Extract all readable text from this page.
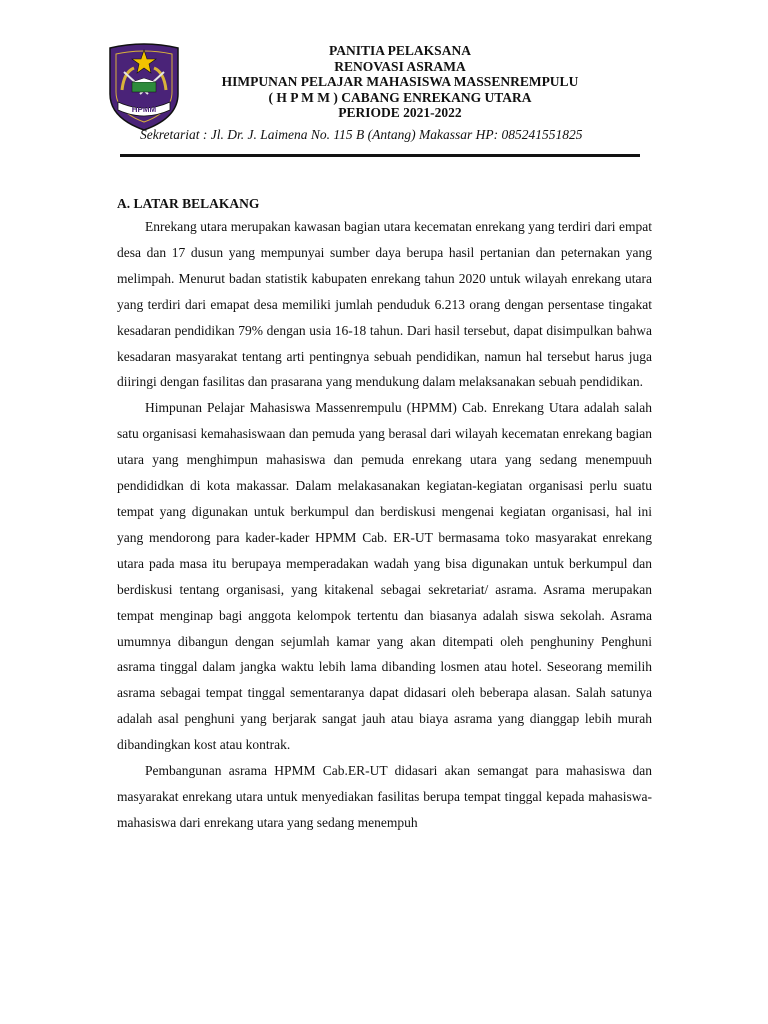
HPMM
PANITIA PELAKSANA
RENOVASI ASRAMA
HIMPUNAN PELAJAR MAHASISWA MASSENREMPULU
( H P M M ) CABANG ENREKANG UTARA
PERIODE 2021-2022
Sekretariat : Jl. Dr. J. Laimena No. 115 B (Antang) Makassar HP: 085241551825
A. LATAR BELAKANG

Enrekang utara merupakan kawasan bagian utara kecematan enrekang yang terdiri dari empat desa dan 17 dusun yang mempunyai sumber daya berupa hasil pertanian dan peternakan yang melimpah. Menurut badan statistik kabupaten enrekang tahun 2020 untuk wilayah enrekang utara yang terdiri dari emapat desa memiliki jumlah penduduk 6.213 orang dengan persentase tingakat kesadaran pendidikan 79% dengan usia 16-18 tahun. Dari hasil tersebut, dapat disimpulkan bahwa kesadaran masyarakat tentang arti pentingnya sebuah pendidikan, namun hal tersebut harus juga diiringi dengan fasilitas dan prasarana yang mendukung dalam melaksanakan sebuah pendidikan.

Himpunan Pelajar Mahasiswa Massenrempulu (HPMM) Cab. Enrekang Utara adalah salah satu organisasi kemahasiswaan dan pemuda yang berasal dari wilayah kecematan enrekang bagian utara yang menghimpun mahasiswa dan pemuda enrekang utara yang sedang menempuuh pendididkan di kota makassar. Dalam melakasanakan kegiatan-kegiatan organisasi perlu suatu tempat yang digunakan untuk berkumpul dan berdiskusi mengenai kegiatan organisasi, hal ini yang mendorong para kader-kader HPMM Cab. ER-UT bermasama toko masyarakat enrekang utara pada masa itu berupaya memperadakan wadah yang bisa digunakan untuk berkumpul dan berdiskusi tentang organisasi, yang kitakenal sebagai sekretariat/ asrama. Asrama merupakan tempat menginap bagi anggota kelompok tertentu dan biasanya adalah siswa sekolah. Asrama umumnya dibangun dengan sejumlah kamar yang akan ditempati oleh penghuniny Penghuni asrama tinggal dalam jangka waktu lebih lama dibanding losmen atau hotel. Seseorang memilih asrama sebagai tempat tinggal sementaranya dapat didasari oleh beberapa alasan. Salah satunya adalah asal penghuni yang berjarak sangat jauh atau biaya asrama yang dianggap lebih murah dibandingkan kost atau kontrak.

Pembangunan asrama HPMM Cab.ER-UT didasari akan semangat para mahasiswa dan masyarakat enrekang utara untuk menyediakan fasilitas berupa tempat tinggal kepada mahasiswa-mahasiswa dari enrekang utara yang sedang menempuh
